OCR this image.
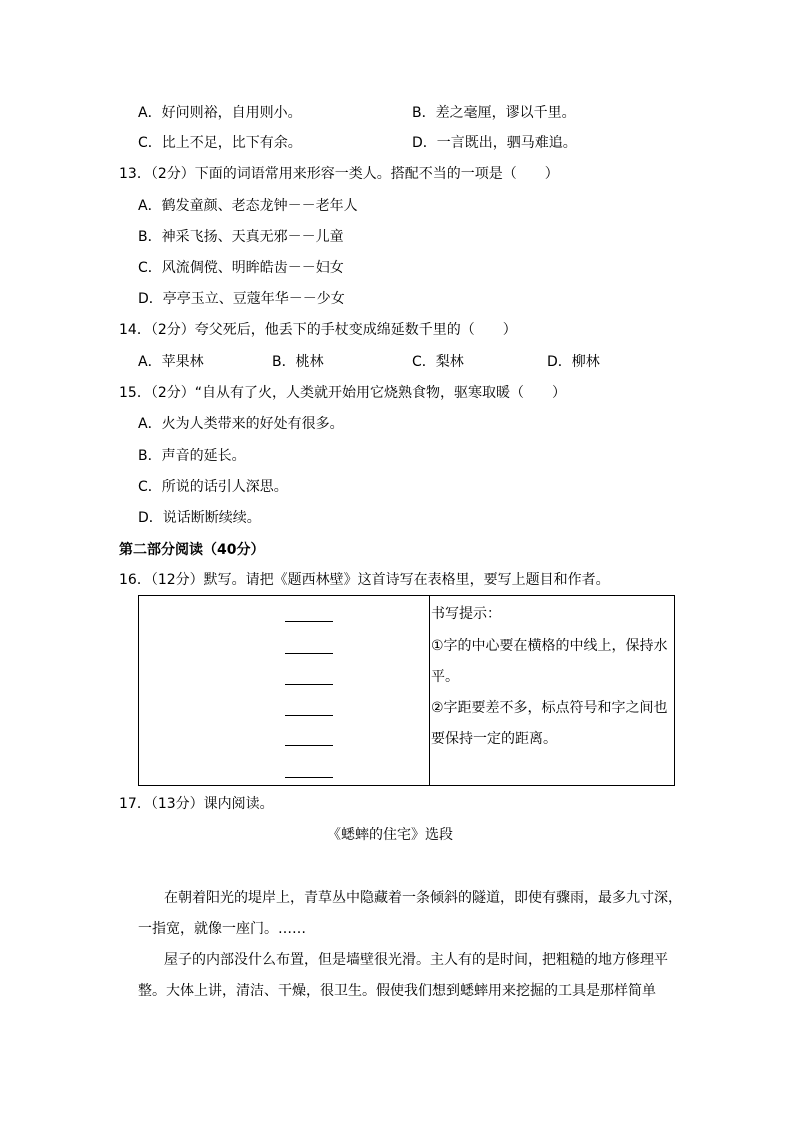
A．好问则裕，自用则小。	B．差之毫厘，谬以千里。
C．比上不足，比下有余。	D．一言既出，驷马难追。
13．（2分）下面的词语常用来形容一类人。搭配不当的一项是（　　）
A．鹤发童颜、老态龙钟－－老年人
B．神采飞扬、天真无邪－－儿童
C．风流倜傥、明眸皓齿－－妇女
D．亭亭玉立、豆蔻年华－－少女
14．（2分）夸父死后，他丢下的手杖变成绵延数千里的（　　）
A．苹果林	B．桃林	C．梨林	D．柳林
15．（2分）“自从有了火，人类就开始用它烧熟食物，驱寒取暖（　　）
A．火为人类带来的好处有很多。
B．声音的延长。
C．所说的话引人深思。
D．说话断断续续。
第二部分阅读（40分）
16．（12分）默写。请把《题西林壁》这首诗写在表格里，要写上题目和作者。
书写提示：
①字的中心要在横格的中线上，保持水
平。
②字距要差不多，标点符号和字之间也
要保持一定的距离。
17．（13分）课内阅读。
《蟋蟀的住宅》选段
在朝着阳光的堤岸上，青草丛中隐藏着一条倾斜的隧道，即使有骤雨，最多九寸深，
一指宽，就像一座门。……
屋子的内部没什么布置，但是墙壁很光滑。主人有的是时间，把粗糙的地方修理平
整。大体上讲，清洁、干燥，很卫生。假使我们想到蟋蟀用来挖掘的工具是那样简单
